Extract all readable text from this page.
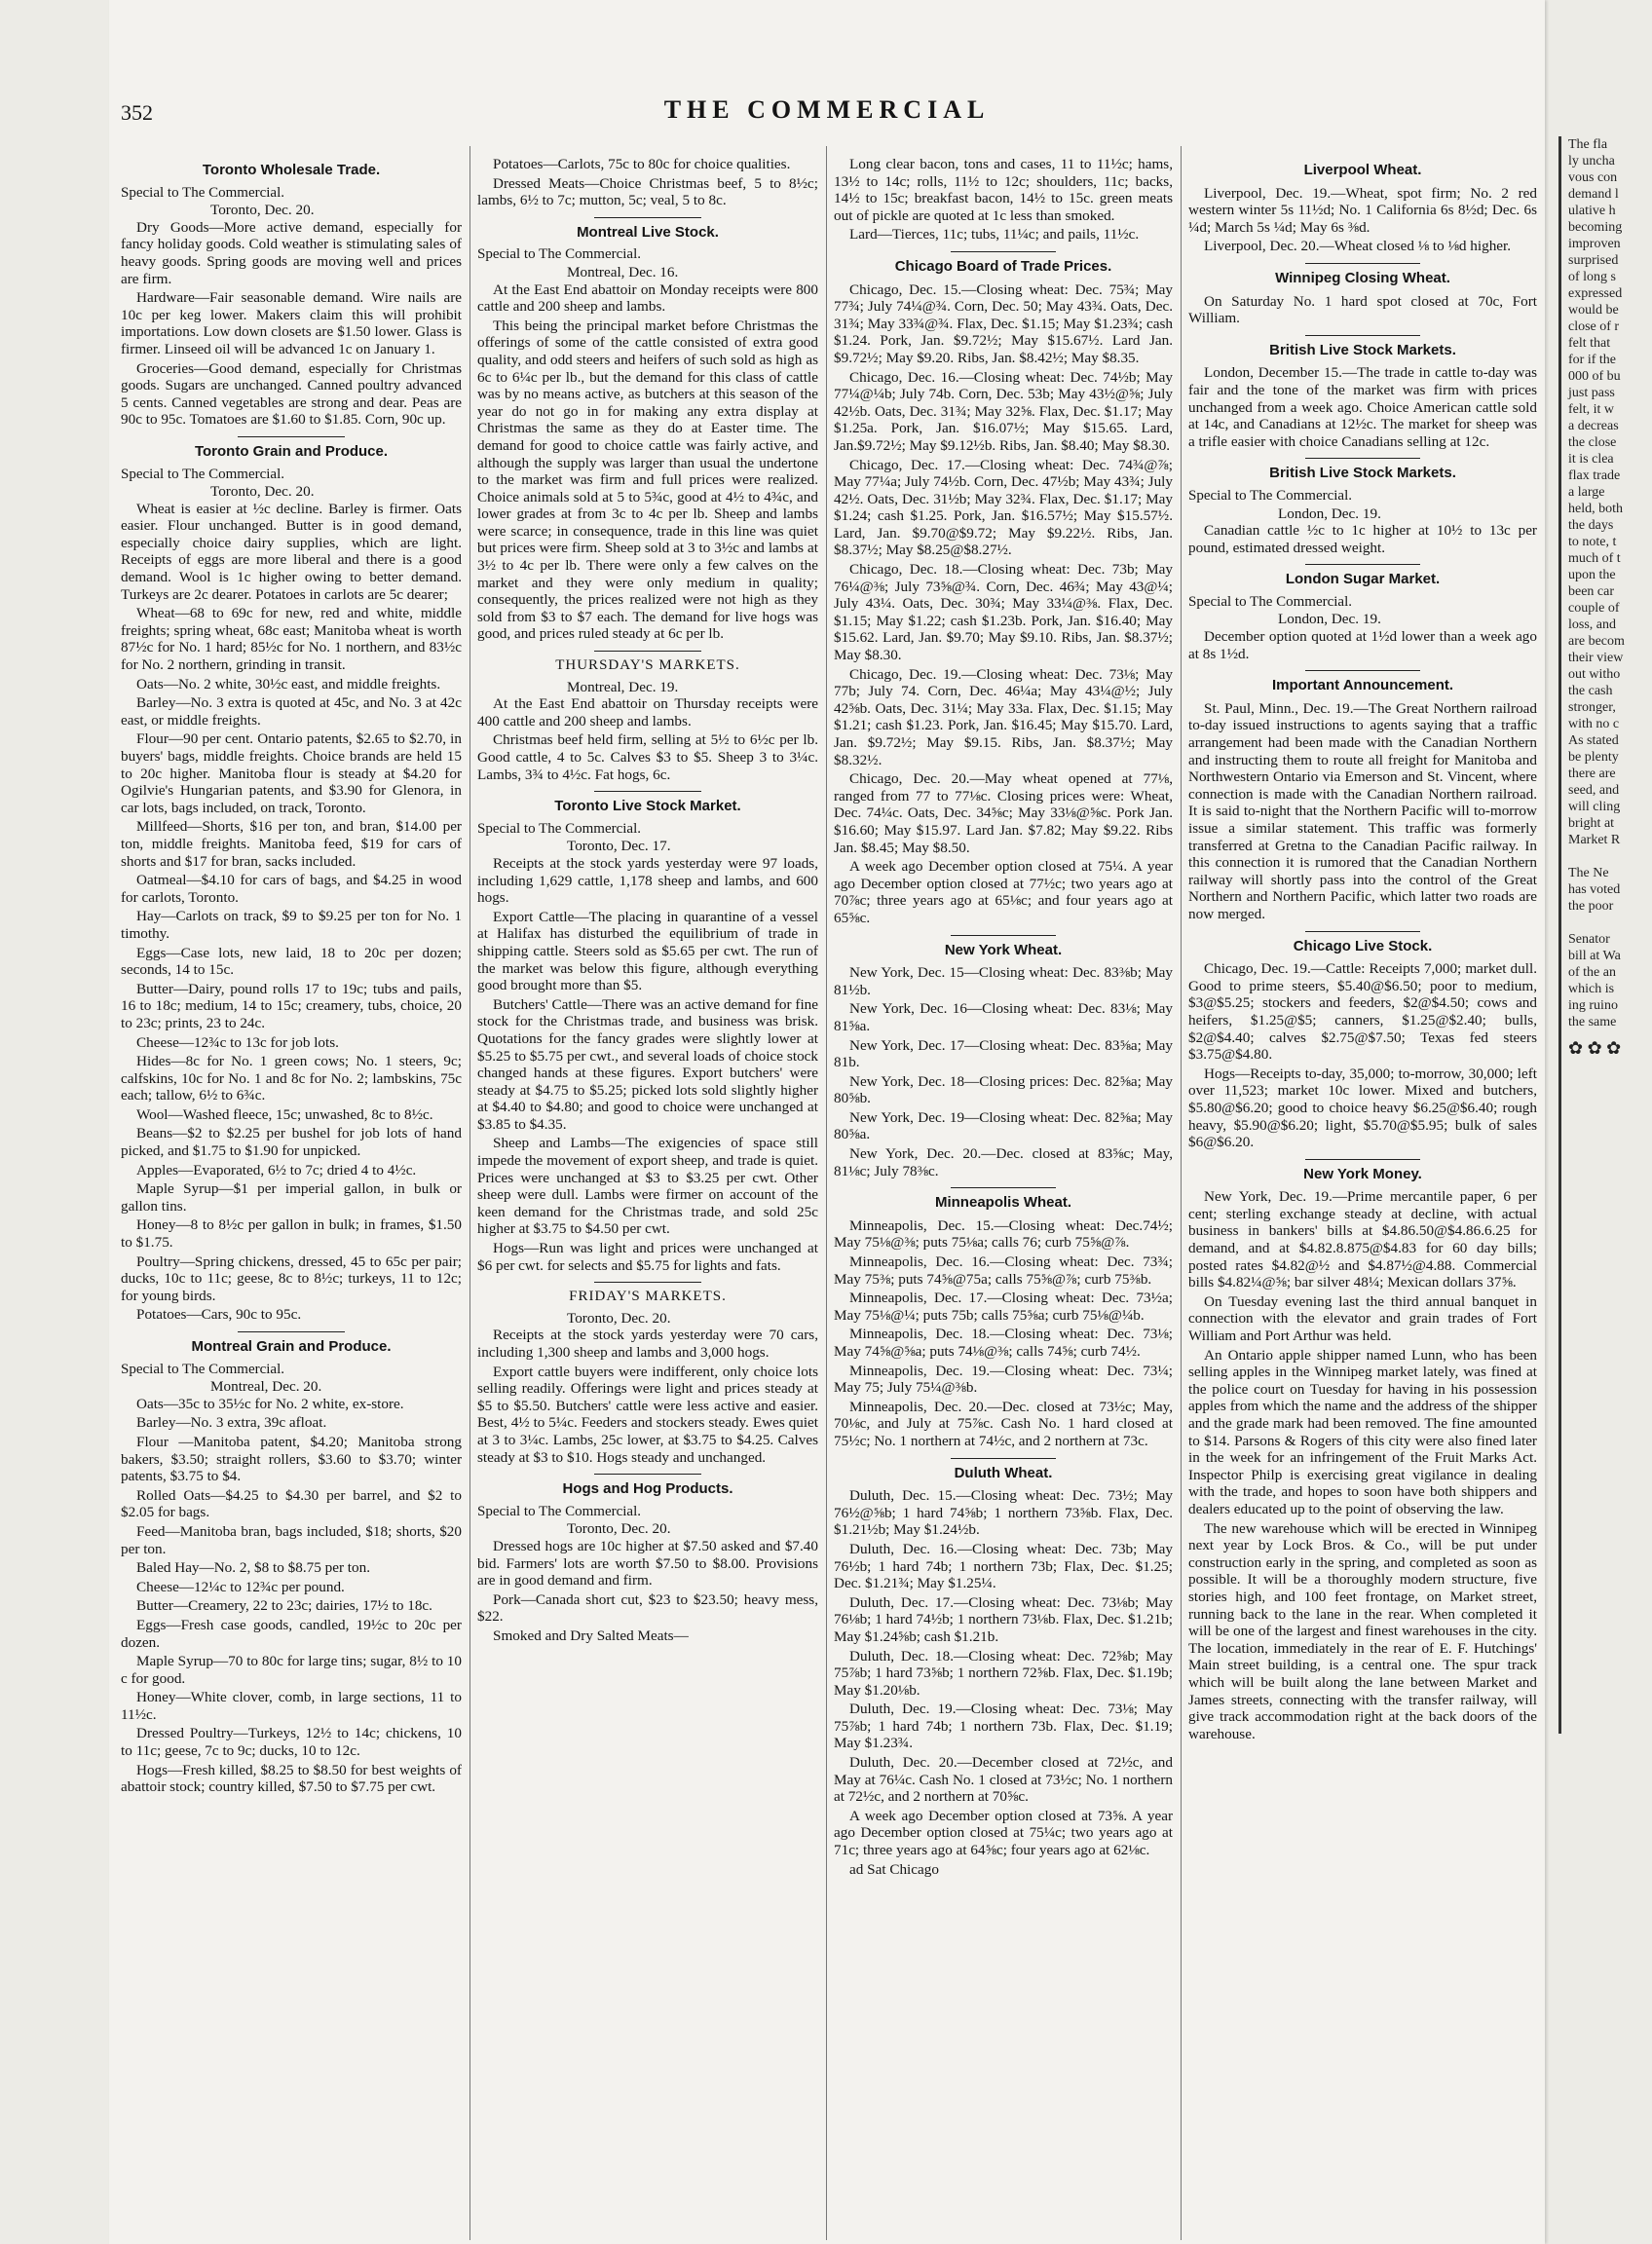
352	THE COMMERCIAL
Toronto Wholesale Trade.
Special to The Commercial.
Toronto, Dec. 20.
Dry Goods—More active demand, especially for fancy holiday goods. Cold weather is stimulating sales of heavy goods. Spring goods are moving well and prices are firm.
Hardware—Fair seasonable demand. Wire nails are 10c per keg lower. Makers claim this will prohibit importations. Low down closets are $1.50 lower. Glass is firmer. Linseed oil will be advanced 1c on January 1.
Groceries—Good demand, especially for Christmas goods. Sugars are unchanged. Canned poultry advanced 5 cents. Canned vegetables are strong and dear. Peas are 90c to 95c. Tomatoes are $1.60 to $1.85. Corn, 90c up.
Toronto Grain and Produce.
Special to The Commercial.
Toronto, Dec. 20.
Wheat is easier at ½c decline. Barley is firmer. Oats easier. Flour unchanged. Butter is in good demand, especially choice dairy supplies, which are light. Receipts of eggs are more liberal and there is a good demand. Wool is 1c higher owing to better demand. Turkeys are 2c dearer. Potatoes in carlots are 5c dearer;
Wheat—68 to 69c for new, red and white, middle freights; spring wheat, 68c east; Manitoba wheat is worth 87½c for No. 1 hard; 85½c for No. 1 northern, and 83½c for No. 2 northern, grinding in transit.
Oats—No. 2 white, 30½c east, and middle freights.
Barley—No. 3 extra is quoted at 45c, and No. 3 at 42c east, or middle freights.
Flour—90 per cent. Ontario patents, $2.65 to $2.70, in buyers' bags, middle freights. Choice brands are held 15 to 20c higher. Manitoba flour is steady at $4.20 for Ogilvie's Hungarian patents, and $3.90 for Glenora, in car lots, bags included, on track, Toronto.
Millfeed—Shorts, $16 per ton, and bran, $14.00 per ton, middle freights. Manitoba feed, $19 for cars of shorts and $17 for bran, sacks included.
Oatmeal—$4.10 for cars of bags, and $4.25 in wood for carlots, Toronto.
Hay—Carlots on track, $9 to $9.25 per ton for No. 1 timothy.
Eggs—Case lots, new laid, 18 to 20c per dozen; seconds, 14 to 15c.
Butter—Dairy, pound rolls 17 to 19c; tubs and pails, 16 to 18c; medium, 14 to 15c; creamery, tubs, choice, 20 to 23c; prints, 23 to 24c.
Cheese—12¾c to 13c for job lots.
Hides—8c for No. 1 green cows; No. 1 steers, 9c; calfskins, 10c for No. 1 and 8c for No. 2; lambskins, 75c each; tallow, 6½ to 6¾c.
Wool—Washed fleece, 15c; unwashed, 8c to 8½c.
Beans—$2 to $2.25 per bushel for job lots of hand picked, and $1.75 to $1.90 for unpicked.
Apples—Evaporated, 6½ to 7c; dried 4 to 4½c.
Maple Syrup—$1 per imperial gallon, in bulk or gallon tins.
Honey—8 to 8½c per gallon in bulk; in frames, $1.50 to $1.75.
Poultry—Spring chickens, dressed, 45 to 65c per pair; ducks, 10c to 11c; geese, 8c to 8½c; turkeys, 11 to 12c; for young birds.
Potatoes—Cars, 90c to 95c.
Montreal Grain and Produce.
Special to The Commercial.
Montreal, Dec. 20.
Oats—35c to 35½c for No. 2 white, ex-store.
Barley—No. 3 extra, 39c afloat.
Flour —Manitoba patent, $4.20; Manitoba strong bakers, $3.50; straight rollers, $3.60 to $3.70; winter patents, $3.75 to $4.
Rolled Oats—$4.25 to $4.30 per barrel, and $2 to $2.05 for bags.
Feed—Manitoba bran, bags included, $18; shorts, $20 per ton.
Baled Hay—No. 2, $8 to $8.75 per ton.
Cheese—12¼c to 12¾c per pound.
Butter—Creamery, 22 to 23c; dairies, 17½ to 18c.
Eggs—Fresh case goods, candled, 19½c to 20c per dozen.
Maple Syrup—70 to 80c for large tins; sugar, 8½ to 10 c for good.
Honey—White clover, comb, in large sections, 11 to 11½c.
Dressed Poultry—Turkeys, 12½ to 14c; chickens, 10 to 11c; geese, 7c to 9c; ducks, 10 to 12c.
Hogs—Fresh killed, $8.25 to $8.50 for best weights of abattoir stock; country killed, $7.50 to $7.75 per cwt.
Potatoes—Carlots, 75c to 80c for choice qualities.
Dressed Meats—Choice Christmas beef, 5 to 8½c; lambs, 6½ to 7c; mutton, 5c; veal, 5 to 8c.
Montreal Live Stock.
Special to The Commercial.
Montreal, Dec. 16.
At the East End abattoir on Monday receipts were 800 cattle and 200 sheep and lambs.
This being the principal market before Christmas the offerings of some of the cattle consisted of extra good quality, and odd steers and heifers of such sold as high as 6c to 6¼c per lb., but the demand for this class of cattle was by no means active, as butchers at this season of the year do not go in for making any extra display at Christmas the same as they do at Easter time. The demand for good to choice cattle was fairly active, and although the supply was larger than usual the undertone to the market was firm and full prices were realized. Choice animals sold at 5 to 5¾c, good at 4½ to 4¾c, and lower grades at from 3c to 4c per lb. Sheep and lambs were scarce; in consequence, trade in this line was quiet but prices were firm. Sheep sold at 3 to 3½c and lambs at 3½ to 4c per lb. There were only a few calves on the market and they were only medium in quality; consequently, the prices realized were not high as they sold from $3 to $7 each. The demand for live hogs was good, and prices ruled steady at 6c per lb.
THURSDAY'S MARKETS.
Montreal, Dec. 19.
At the East End abattoir on Thursday receipts were 400 cattle and 200 sheep and lambs.
Christmas beef held firm, selling at 5½ to 6½c per lb. Good cattle, 4 to 5c. Calves $3 to $5. Sheep 3 to 3¼c. Lambs, 3¾ to 4½c. Fat hogs, 6c.
Toronto Live Stock Market.
Special to The Commercial.
Toronto, Dec. 17.
Receipts at the stock yards yesterday were 97 loads, including 1,629 cattle, 1,178 sheep and lambs, and 600 hogs.
Export Cattle—The placing in quarantine of a vessel at Halifax has disturbed the equilibrium of trade in shipping cattle. Steers sold as $5.65 per cwt. The run of the market was below this figure, although everything good brought more than $5.
Butchers' Cattle—There was an active demand for fine stock for the Christmas trade, and business was brisk. Quotations for the fancy grades were slightly lower at $5.25 to $5.75 per cwt., and several loads of choice stock changed hands at these figures. Export butchers' were steady at $4.75 to $5.25; picked lots sold slightly higher at $4.40 to $4.80; and good to choice were unchanged at $3.85 to $4.35.
Sheep and Lambs—The exigencies of space still impede the movement of export sheep, and trade is quiet. Prices were unchanged at $3 to $3.25 per cwt. Other sheep were dull. Lambs were firmer on account of the keen demand for the Christmas trade, and sold 25c higher at $3.75 to $4.50 per cwt.
Hogs—Run was light and prices were unchanged at $6 per cwt. for selects and $5.75 for lights and fats.
FRIDAY'S MARKETS.
Toronto, Dec. 20.
Receipts at the stock yards yesterday were 70 cars, including 1,300 sheep and lambs and 3,000 hogs.
Export cattle buyers were indifferent, only choice lots selling readily. Offerings were light and prices steady at $5 to $5.50. Butchers' cattle were less active and easier. Best, 4½ to 5¼c. Feeders and stockers steady. Ewes quiet at 3 to 3¼c. Lambs, 25c lower, at $3.75 to $4.25. Calves steady at $3 to $10. Hogs steady and unchanged.
Hogs and Hog Products.
Special to The Commercial.
Toronto, Dec. 20.
Dressed hogs are 10c higher at $7.50 asked and $7.40 bid. Farmers' lots are worth $7.50 to $8.00. Provisions are in good demand and firm.
Pork—Canada short cut, $23 to $23.50; heavy mess, $22.
Smoked and Dry Salted Meats—
Long clear bacon, tons and cases, 11 to 11½c; hams, 13½ to 14c; rolls, 11½ to 12c; shoulders, 11c; backs, 14½ to 15c; breakfast bacon, 14½ to 15c. green meats out of pickle are quoted at 1c less than smoked.
Lard—Tierces, 11c; tubs, 11¼c; and pails, 11½c.
Chicago Board of Trade Prices.
Chicago, Dec. 15.—Closing wheat: Dec. 75¾; May 77¾; July 74¼@¾. Corn, Dec. 50; May 43¾. Oats, Dec. 31¾; May 33¾@¾. Flax, Dec. $1.15; May $1.23¾; cash $1.24. Pork, Jan. $9.72½; May $15.67½. Lard Jan. $9.72½; May $9.20. Ribs, Jan. $8.42½; May $8.35.
Chicago, Dec. 16.—Closing wheat: Dec. 74½b; May 77¼@¼b; July 74b. Corn, Dec. 53b; May 43½@⅝; July 42½b. Oats, Dec. 31¾; May 32⅝. Flax, Dec. $1.17; May $1.25a. Pork, Jan. $16.07½; May $15.65. Lard, Jan.$9.72½; May $9.12½b. Ribs, Jan. $8.40; May $8.30.
Chicago, Dec. 17.—Closing wheat: Dec. 74¾@⅞; May 77¼a; July 74½b. Corn, Dec. 47½b; May 43¾; July 42½. Oats, Dec. 31½b; May 32¾. Flax, Dec. $1.17; May $1.24; cash $1.25. Pork, Jan. $16.57½; May $15.57½. Lard, Jan. $9.70@$9.72; May $9.22½. Ribs, Jan. $8.37½; May $8.25@$8.27½.
Chicago, Dec. 18.—Closing wheat: Dec. 73b; May 76¼@⅜; July 73⅝@¾. Corn, Dec. 46¾; May 43@¼; July 43¼. Oats, Dec. 30¾; May 33¼@⅜. Flax, Dec. $1.15; May $1.22; cash $1.23b. Pork, Jan. $16.40; May $15.62. Lard, Jan. $9.70; May $9.10. Ribs, Jan. $8.37½; May $8.30.
Chicago, Dec. 19.—Closing wheat: Dec. 73⅛; May 77b; July 74. Corn, Dec. 46¼a; May 43¼@½; July 42⅝b. Oats, Dec. 31¼; May 33a. Flax, Dec. $1.15; May $1.21; cash $1.23. Pork, Jan. $16.45; May $15.70. Lard, Jan. $9.72½; May $9.15. Ribs, Jan. $8.37½; May $8.32½.
Chicago, Dec. 20.—May wheat opened at 77⅛, ranged from 77 to 77⅛c. Closing prices were: Wheat, Dec. 74¼c. Oats, Dec. 34⅝c; May 33⅛@⅝c. Pork Jan. $16.60; May $15.97. Lard Jan. $7.82; May $9.22. Ribs Jan. $8.45; May $8.50.
A week ago December option closed at 75¼. A year ago December option closed at 77½c; two years ago at 70⅞c; three years ago at 65⅛c; and four years ago at 65⅝c.
New York Wheat.
New York, Dec. 15—Closing wheat: Dec. 83⅜b; May 81½b.
New York, Dec. 16—Closing wheat: Dec. 83⅛; May 81⅝a.
New York, Dec. 17—Closing wheat: Dec. 83⅝a; May 81b.
New York, Dec. 18—Closing prices: Dec. 82⅝a; May 80⅝b.
New York, Dec. 19—Closing wheat: Dec. 82⅝a; May 80⅝a.
New York, Dec. 20.—Dec. closed at 83⅝c; May, 81⅛c; July 78⅜c.
Minneapolis Wheat.
Minneapolis, Dec. 15.—Closing wheat: Dec.74½; May 75⅛@⅜; puts 75⅛a; calls 76; curb 75⅝@⅞.
Minneapolis, Dec. 16.—Closing wheat: Dec. 73¾; May 75⅜; puts 74⅝@75a; calls 75⅝@⅞; curb 75⅜b.
Minneapolis, Dec. 17.—Closing wheat: Dec. 73½a; May 75⅛@¼; puts 75b; calls 75⅝a; curb 75⅛@¼b.
Minneapolis, Dec. 18.—Closing wheat: Dec. 73⅛; May 74⅝@⅝a; puts 74⅛@⅜; calls 74⅝; curb 74½.
Minneapolis, Dec. 19.—Closing wheat: Dec. 73¼; May 75; July 75¼@⅜b.
Minneapolis, Dec. 20.—Dec. closed at 73½c; May, 70⅛c, and July at 75⅞c. Cash No. 1 hard closed at 75½c; No. 1 northern at 74½c, and 2 northern at 73c.
Duluth Wheat.
Duluth, Dec. 15.—Closing wheat: Dec. 73½; May 76½@⅝b; 1 hard 74⅝b; 1 northern 73⅝b. Flax, Dec. $1.21½b; May $1.24½b.
Duluth, Dec. 16.—Closing wheat: Dec. 73b; May 76½b; 1 hard 74b; 1 northern 73b; Flax, Dec. $1.25; Dec. $1.21¾; May $1.25¼.
Duluth, Dec. 17.—Closing wheat: Dec. 73⅛b; May 76⅛b; 1 hard 74½b; 1 northern 73⅛b. Flax, Dec. $1.21b; May $1.24⅝b; cash $1.21b.
Duluth, Dec. 18.—Closing wheat: Dec. 72⅝b; May 75⅞b; 1 hard 73⅝b; 1 northern 72⅝b. Flax, Dec. $1.19b; May $1.20⅛b.
Duluth, Dec. 19.—Closing wheat: Dec. 73⅛; May 75⅞b; 1 hard 74b; 1 northern 73b. Flax, Dec. $1.19; May $1.23¾.
Duluth, Dec. 20.—December closed at 72½c, and May at 76¼c. Cash No. 1 closed at 73½c; No. 1 northern at 72½c, and 2 northern at 70⅝c.
A week ago December option closed at 73⅝. A year ago December option closed at 75¼c; two years ago at 71c; three years ago at 64⅝c; four years ago at 62⅛c.
ad Sat Chicago
Liverpool Wheat.
Liverpool, Dec. 19.—Wheat, spot firm; No. 2 red western winter 5s 11½d; No. 1 California 6s 8½d; Dec. 6s ¼d; March 5s ¼d; May 6s ⅜d.
Liverpool, Dec. 20.—Wheat closed ⅛ to ⅛d higher.
Winnipeg Closing Wheat.
On Saturday No. 1 hard spot closed at 70c, Fort William.
British Live Stock Markets.
London, December 15.—The trade in cattle to-day was fair and the tone of the market was firm with prices unchanged from a week ago. Choice American cattle sold at 14c, and Canadians at 12½c. The market for sheep was a trifle easier with choice Canadians selling at 12c.
British Live Stock Markets.
Special to The Commercial.
London, Dec. 19.
Canadian cattle ½c to 1c higher at 10½ to 13c per pound, estimated dressed weight.
London Sugar Market.
Special to The Commercial.
London, Dec. 19.
December option quoted at 1½d lower than a week ago at 8s 1½d.
Important Announcement.
St. Paul, Minn., Dec. 19.—The Great Northern railroad to-day issued instructions to agents saying that a traffic arrangement had been made with the Canadian Northern and instructing them to route all freight for Manitoba and Northwestern Ontario via Emerson and St. Vincent, where connection is made with the Canadian Northern railroad. It is said to-night that the Northern Pacific will to-morrow issue a similar statement. This traffic was formerly transferred at Gretna to the Canadian Pacific railway. In this connection it is rumored that the Canadian Northern railway will shortly pass into the control of the Great Northern and Northern Pacific, which latter two roads are now merged.
Chicago Live Stock.
Chicago, Dec. 19.—Cattle: Receipts 7,000; market dull. Good to prime steers, $5.40@$6.50; poor to medium, $3@$5.25; stockers and feeders, $2@$4.50; cows and heifers, $1.25@$5; canners, $1.25@$2.40; bulls, $2@$4.40; calves $2.75@$7.50; Texas fed steers $3.75@$4.80.
Hogs—Receipts to-day, 35,000; to-morrow, 30,000; left over 11,523; market 10c lower. Mixed and butchers, $5.80@$6.20; good to choice heavy $6.25@$6.40; rough heavy, $5.90@$6.20; light, $5.70@$5.95; bulk of sales $6@$6.20.
New York Money.
New York, Dec. 19.—Prime mercantile paper, 6 per cent; sterling exchange steady at decline, with actual business in bankers' bills at $4.86.50@$4.86.6.25 for demand, and at $4.82.8.875@$4.83 for 60 day bills; posted rates $4.82@½ and $4.87½@4.88. Commercial bills $4.82¼@⅝; bar silver 48¼; Mexican dollars 37⅝.
On Tuesday evening last the third annual banquet in connection with the elevator and grain trades of Fort William and Port Arthur was held.
An Ontario apple shipper named Lunn, who has been selling apples in the Winnipeg market lately, was fined at the police court on Tuesday for having in his possession apples from which the name and the address of the shipper and the grade mark had been removed. The fine amounted to $14. Parsons & Rogers of this city were also fined later in the week for an infringement of the Fruit Marks Act. Inspector Philp is exercising great vigilance in dealing with the trade, and hopes to soon have both shippers and dealers educated up to the point of observing the law.
The new warehouse which will be erected in Winnipeg next year by Lock Bros. & Co., will be put under construction early in the spring, and completed as soon as possible. It will be a thoroughly modern structure, five stories high, and 100 feet frontage, on Market street, running back to the lane in the rear. When completed it will be one of the largest and finest warehouses in the city. The location, immediately in the rear of E. F. Hutchings' Main street building, is a central one. The spur track which will be built along the lane between Market and James streets, connecting with the transfer railway, will give track accommodation right at the back doors of the warehouse.
The fla
ly uncha
vous con
demand l
ulative h
becoming
improven
surprised
of long s
expressed
would be
close of r
felt that
for if the
000 of bu
just pass
felt, it w
a decreas
the close
it is clea
flax trade
a large
held, both
the days
to note, t
much of t
upon the
been car
couple of
loss, and
are becom
their view
out witho
the cash
stronger,
with no c
As stated
be plenty
there are
seed, and
will cling
bright at
Market R

The Ne
has voted
the poor

Senator
bill at Wa
of the an
which is
ing ruino
the same
✿ ✿ ✿
